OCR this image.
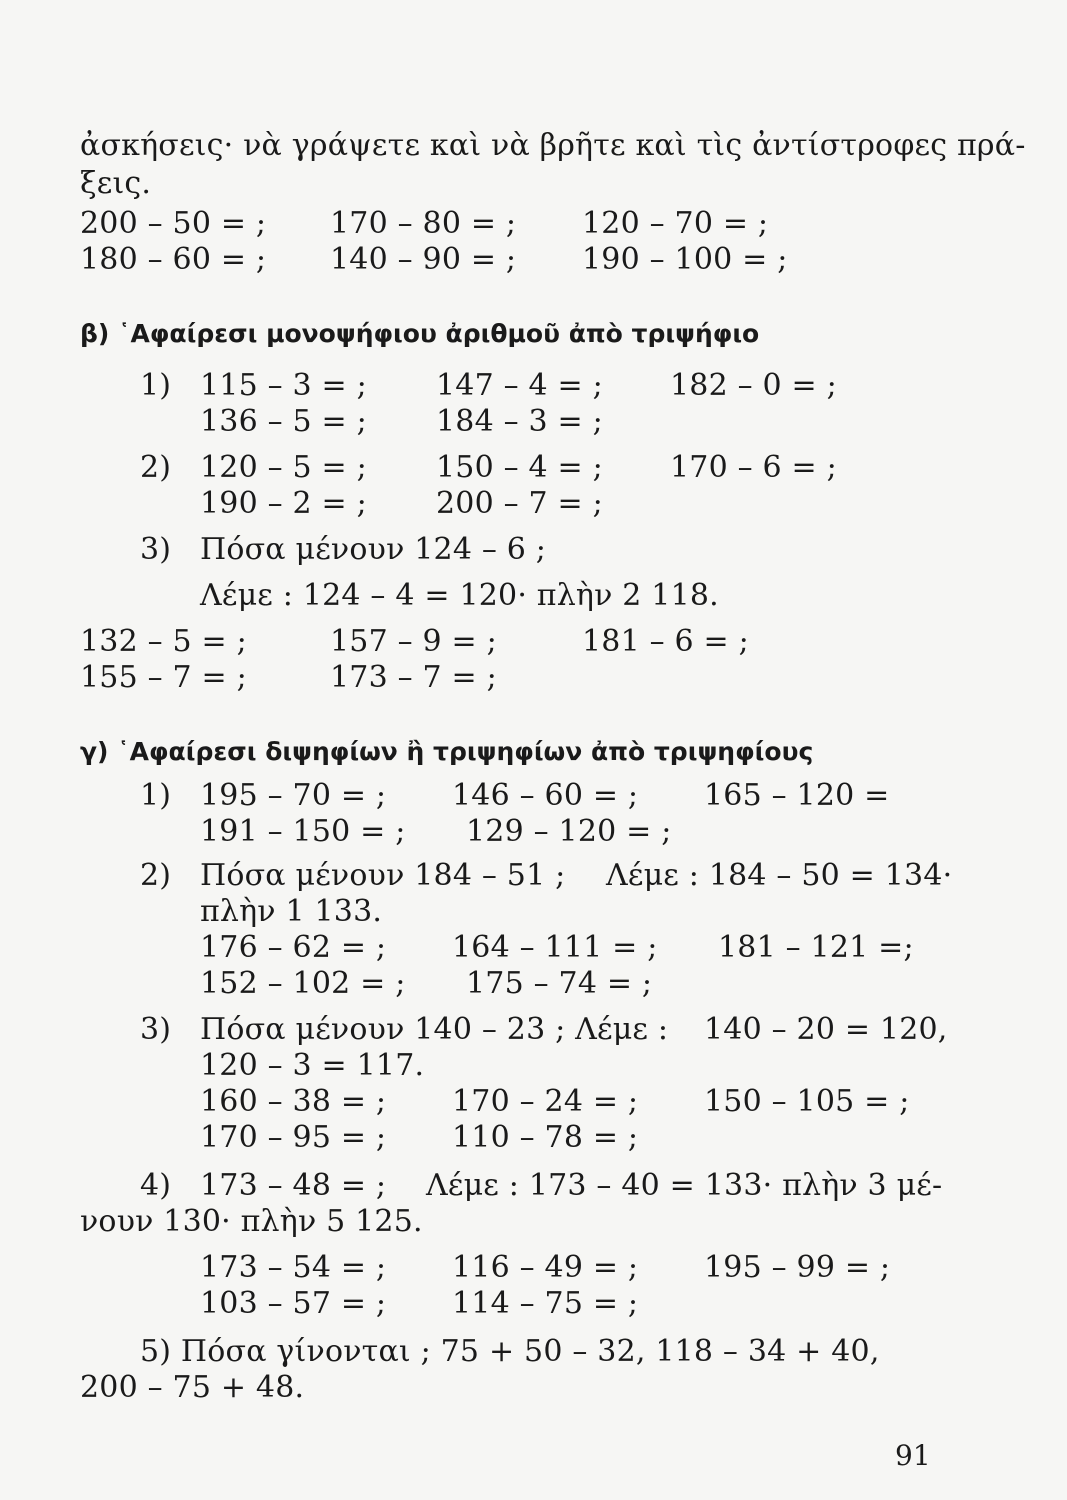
ἀσκήσεις· νὰ γράψετε καὶ νὰ βρῆτε καὶ τὶς ἀντίστροφες πρά-
ξεις.
200 – 50 = ; 170 – 80 = ; 120 – 70 = ;
180 – 60 = ; 140 – 90 = ; 190 – 100 = ;
β) ῾Αφαίρεσι μονοψήφιου ἀριθμοῦ ἀπὸ τριψήφιο
1) 115 – 3 = ; 147 – 4 = ; 182 – 0 = ;
136 – 5 = ; 184 – 3 = ;
2) 120 – 5 = ; 150 – 4 = ; 170 – 6 = ;
190 – 2 = ; 200 – 7 = ;
3) Πόσα μένουν 124 – 6 ;
Λέμε : 124 – 4 = 120· πλὴν 2 118.
132 – 5 = ;	157 – 9 = ;	181 – 6 = ;
155 – 7 = ;	173 – 7 = ;
γ) ῾Αφαίρεσι διψηφίων ἢ τριψηφίων ἀπὸ τριψηφίους
1) 195 – 70 = ; 146 – 60 = ; 165 – 120 =
191 – 150 = ; 129 – 120 = ;
2) Πόσα μένουν 184 – 51 ; Λέμε : 184 – 50 = 134·
πλὴν 1 133.
176 – 62 = ; 164 – 111 = ; 181 – 121 =;
152 – 102 = ; 175 – 74 = ;
3) Πόσα μένουν 140 – 23 ; Λέμε : 140 – 20 = 120,
120 – 3 = 117.
160 – 38 = ; 170 – 24 = ; 150 – 105 = ;
170 – 95 = ; 110 – 78 = ;
4) 173 – 48 = ; Λέμε : 173 – 40 = 133· πλὴν 3 μέ-
νουν 130· πλὴν 5 125.
173 – 54 = ; 116 – 49 = ; 195 – 99 = ;
103 – 57 = ; 114 – 75 = ;
5) Πόσα γίνονται ; 75 + 50 – 32, 118 – 34 + 40,
200 – 75 + 48.
91
